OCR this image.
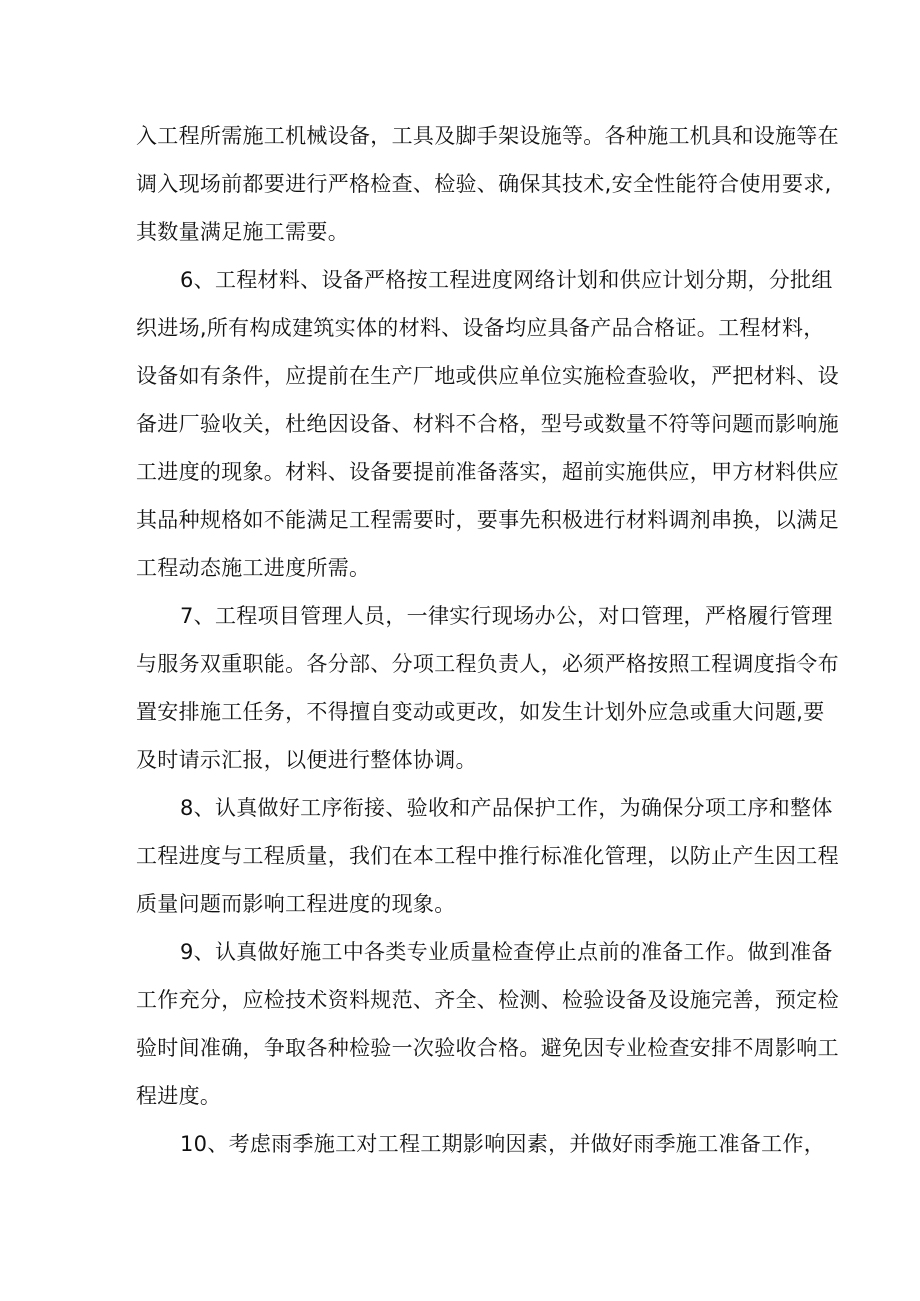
入工程所需施工机械设备，工具及脚手架设施等。各种施工机具和设施等在
调入现场前都要进行严格检查、检验、确保其技术,安全性能符合使用要求,
其数量满足施工需要。

6、工程材料、设备严格按工程进度网络计划和供应计划分期，分批组
织进场,所有构成建筑实体的材料、设备均应具备产品合格证。工程材料，
设备如有条件，应提前在生产厂地或供应单位实施检查验收，严把材料、设
备进厂验收关，杜绝因设备、材料不合格，型号或数量不符等问题而影响施
工进度的现象。材料、设备要提前准备落实，超前实施供应，甲方材料供应
其品种规格如不能满足工程需要时，要事先积极进行材料调剂串换，以满足
工程动态施工进度所需。

7、工程项目管理人员，一律实行现场办公，对口管理，严格履行管理
与服务双重职能。各分部、分项工程负责人，必须严格按照工程调度指令布
置安排施工任务，不得擅自变动或更改，如发生计划外应急或重大问题,要
及时请示汇报，以便进行整体协调。

8、认真做好工序衔接、验收和产品保护工作，为确保分项工序和整体
工程进度与工程质量，我们在本工程中推行标准化管理，以防止产生因工程
质量问题而影响工程进度的现象。

9、认真做好施工中各类专业质量检查停止点前的准备工作。做到准备
工作充分，应检技术资料规范、齐全、检测、检验设备及设施完善，预定检
验时间准确，争取各种检验一次验收合格。避免因专业检查安排不周影响工
程进度。

10、考虑雨季施工对工程工期影响因素，并做好雨季施工准备工作，
